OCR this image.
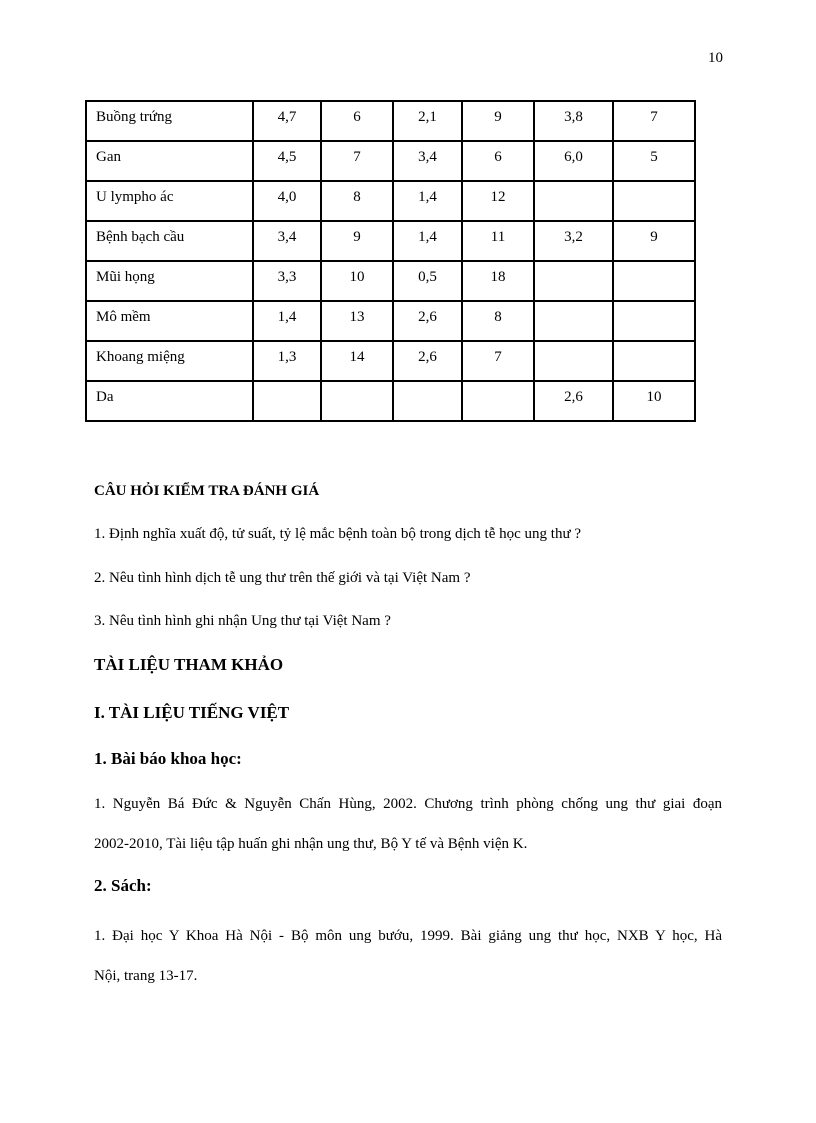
10
Buồng trứng	4,7	6	2,1	9	3,8	7

Gan	4,5	7	3,4	6	6,0	5

U lympho ác	4,0	8	1,4	12		

Bệnh bạch cầu	3,4	9	1,4	11	3,2	9

Mũi họng	3,3	10	0,5	18		

Mô mềm	1,4	13	2,6	8		

Khoang miệng	1,3	14	2,6	7		

Da					2,6	10
CÂU HỎI KIỂM TRA ĐÁNH GIÁ
1. Định nghĩa xuất độ, tử suất, tỷ lệ mắc bệnh toàn bộ trong dịch tễ học ung thư ?
2. Nêu tình hình dịch tễ ung thư trên thế giới và tại Việt Nam ?
3. Nêu tình hình ghi nhận Ung thư tại Việt Nam ?
TÀI LIỆU THAM KHẢO
I. TÀI LIỆU TIẾNG VIỆT
1. Bài báo khoa học:
1. Nguyễn Bá Đức & Nguyễn Chấn Hùng, 2002. Chương trình phòng chống ung thư giai đoạn
2002-2010, Tài liệu tập huấn ghi nhận ung thư, Bộ Y tế và Bệnh viện K.
2. Sách:
1. Đại học Y Khoa Hà Nội - Bộ môn ung bướu, 1999. Bài giảng ung thư học, NXB Y học, Hà
Nội, trang 13-17.
